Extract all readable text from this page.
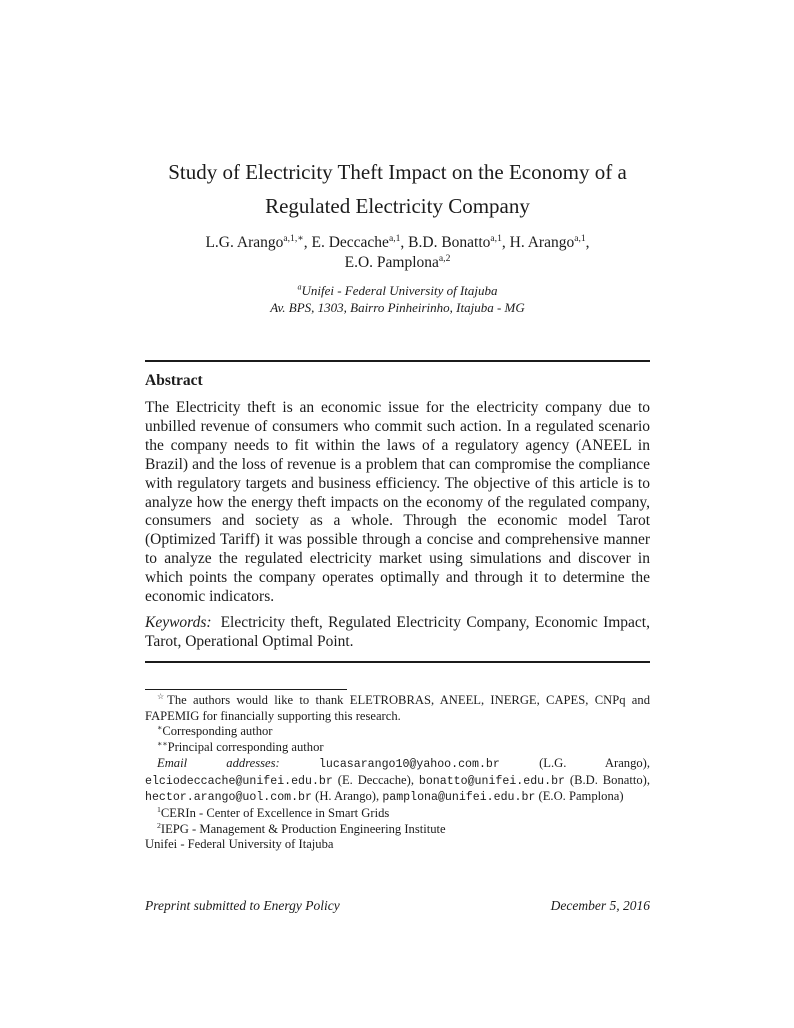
Study of Electricity Theft Impact on the Economy of a
Regulated Electricity Company
L.G. Arango$^{a,1,∗}$, E. Deccache$^{a,1}$, B.D. Bonatto$^{a,1}$, H. Arango$^{a,1}$,
E.O. Pamplona$^{a,2}$
$^a$Unifei - Federal University of Itajuba
Av. BPS, 1303, Bairro Pinheirinho, Itajuba - MG
Abstract
The Electricity theft is an economic issue for the electricity company due to unbilled revenue of consumers who commit such action. In a regulated scenario the company needs to fit within the laws of a regulatory agency (ANEEL in Brazil) and the loss of revenue is a problem that can compromise the compliance with regulatory targets and business efficiency. The objective of this article is to analyze how the energy theft impacts on the economy of the regulated company, consumers and society as a whole. Through the economic model Tarot (Optimized Tariff) it was possible through a concise and comprehensive manner to analyze the regulated electricity market using simulations and discover in which points the company operates optimally and through it to determine the economic indicators.
Keywords: Electricity theft, Regulated Electricity Company, Economic Impact, Tarot, Operational Optimal Point.

☆The authors would like to thank ELETROBRAS, ANEEL, INERGE, CAPES, CNPq and FAPEMIG for financially supporting this research.

∗Corresponding author

∗∗Principal corresponding author

Email addresses:	lucasarango10@yahoo.com.br	(L.G. Arango), elciodeccache@unifei.edu.br (E. Deccache), bonatto@unifei.edu.br (B.D. Bonatto), hector.arango@uol.com.br (H. Arango), pamplona@unifei.edu.br (E.O. Pamplona)

$^1$CERIn - Center of Excellence in Smart Grids

$^2$IEPG - Management & Production Engineering Institute

Unifei - Federal University of Itajuba

Preprint submitted to Energy Policy	December 5, 2016
